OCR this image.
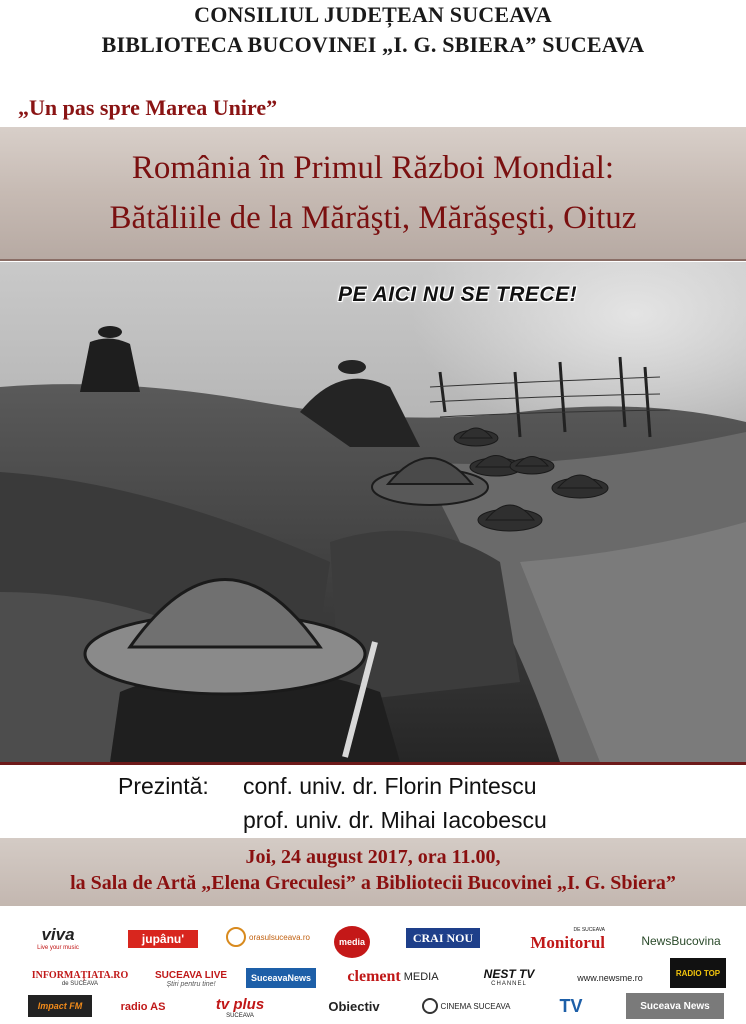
CONSILIUL JUDEȚEAN SUCEAVA
BIBLIOTECA BUCOVINEI „I. G. SBIERA” SUCEAVA
„Un pas spre Marea Unire”
România în Primul Război Mondial:
Bătăliile de la Mărăşti, Mărăşeşti, Oituz
PE AICI NU SE TRECE!
Prezintă: conf. univ. dr. Florin Pintescu
prof. univ. dr. Mihai Iacobescu
Joi, 24 august 2017, ora 11.00,
la Sala de Artă „Elena Greculesi” a Bibliotecii Bucovinei „I. G. Sbiera”
viva
Live your music
jupânu'	orasulsuceava.ro	media	CRAI NOU
DE SUCEAVA
Monitorul	NewsBucovina
INFORMAȚIATA.RO
de SUCEAVA
SUCEAVA LIVE
Știri pentru tine!
SuceavaNews clement MEDIA	NEST TV
CHANNEL
www.newsme.ro	RADIO TOP
Impact FM	radio AS	tv plus
SUCEAVA
Obiectiv	CINEMA SUCEAVA	TV	Suceava News
